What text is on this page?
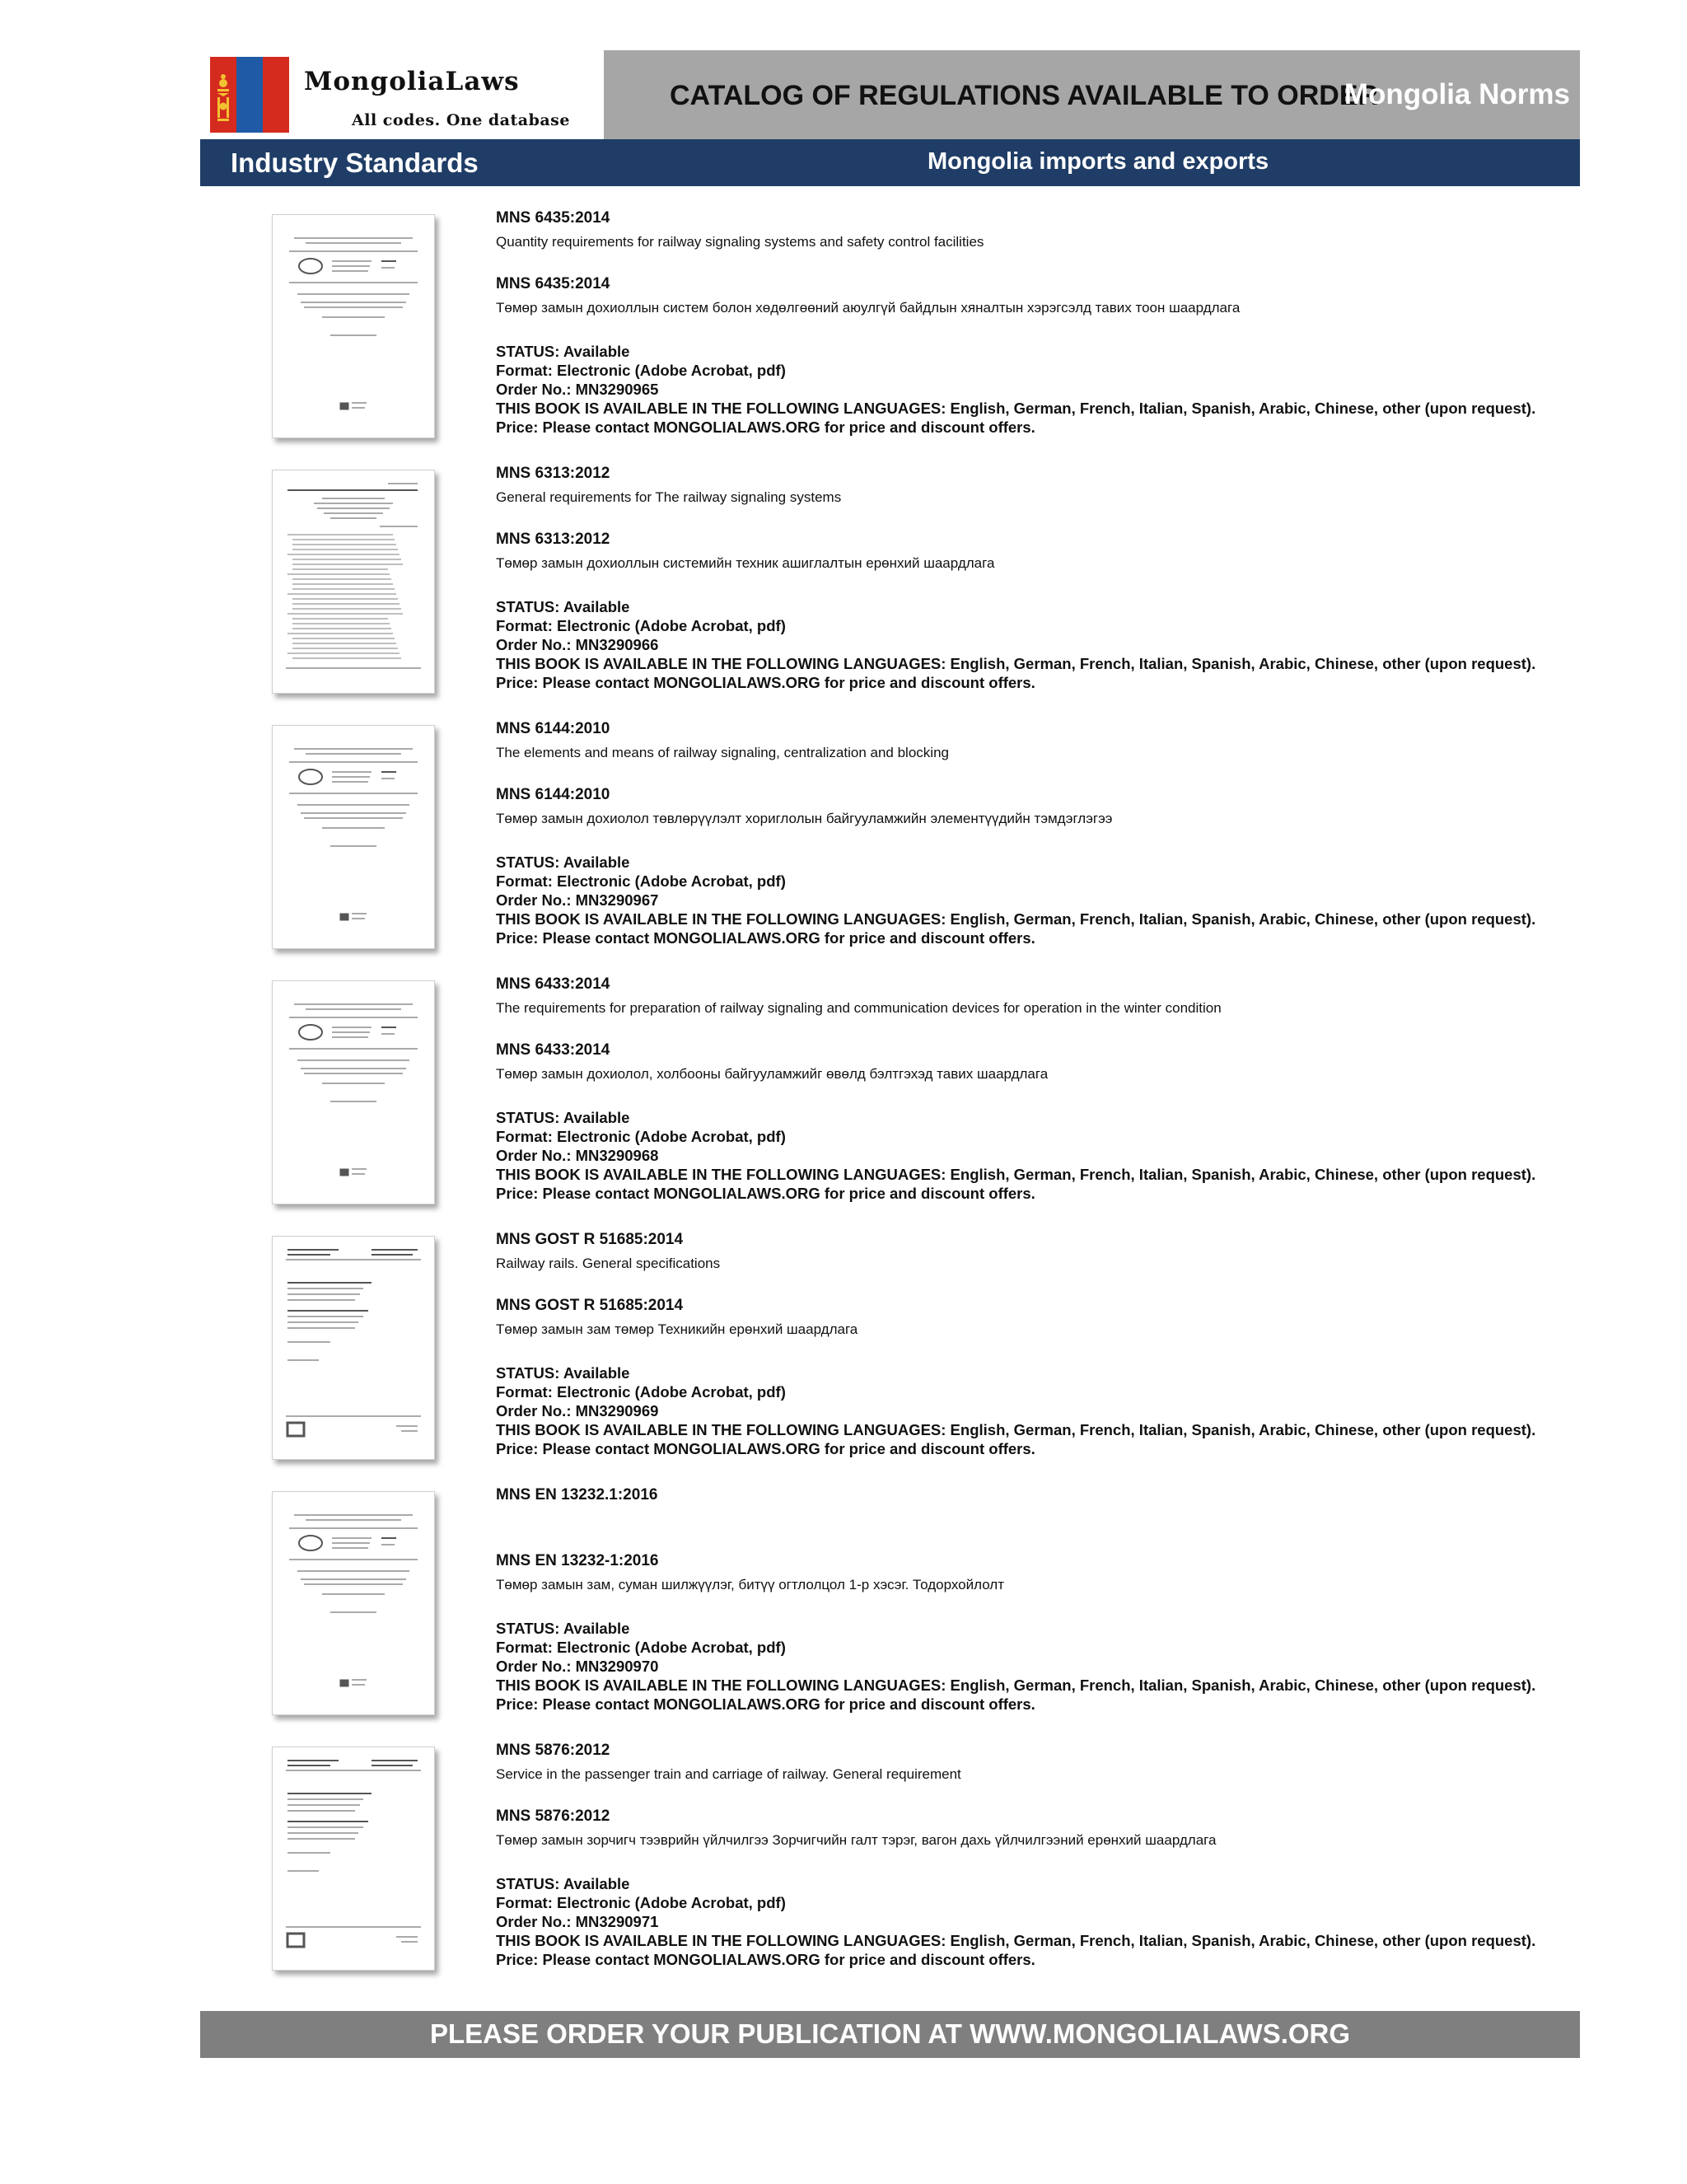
MongoliaLaws
All codes. One database
CATALOG OF REGULATIONS AVAILABLE TO ORDER
Mongolia Norms
Industry Standards	Mongolia imports and exports
MNS 6435:2014
Quantity requirements for railway signaling systems and safety control facilities
MNS 6435:2014
Төмөр замын дохиоллын систем болон хөдөлгөөний аюулгүй байдлын хяналтын хэрэгсэлд тавих тоон шаардлага
STATUS: Available
Format: Electronic (Adobe Acrobat, pdf)
Order No.: MN3290965
THIS BOOK IS AVAILABLE IN THE FOLLOWING LANGUAGES: English, German, French, Italian, Spanish, Arabic, Chinese, other (upon request).
Price: Please contact MONGOLIALAWS.ORG for price and discount offers.
MNS 6313:2012
General requirements for The railway signaling systems
MNS 6313:2012
Төмөр замын дохиоллын системийн техник ашиглалтын ерөнхий шаардлага
STATUS: Available
Format: Electronic (Adobe Acrobat, pdf)
Order No.: MN3290966
THIS BOOK IS AVAILABLE IN THE FOLLOWING LANGUAGES: English, German, French, Italian, Spanish, Arabic, Chinese, other (upon request).
Price: Please contact MONGOLIALAWS.ORG for price and discount offers.
MNS 6144:2010
The elements and means of railway signaling, centralization and blocking
MNS 6144:2010
Төмөр замын дохиолол төвлөрүүлэлт хориглолын байгууламжийн элементүүдийн тэмдэглэгээ
STATUS: Available
Format: Electronic (Adobe Acrobat, pdf)
Order No.: MN3290967
THIS BOOK IS AVAILABLE IN THE FOLLOWING LANGUAGES: English, German, French, Italian, Spanish, Arabic, Chinese, other (upon request).
Price: Please contact MONGOLIALAWS.ORG for price and discount offers.
MNS 6433:2014
The requirements for preparation of railway signaling and communication devices for operation in the winter condition
MNS 6433:2014
Төмөр замын дохиолол, холбооны байгууламжийг өвөлд бэлтгэхэд тавих шаардлага
STATUS: Available
Format: Electronic (Adobe Acrobat, pdf)
Order No.: MN3290968
THIS BOOK IS AVAILABLE IN THE FOLLOWING LANGUAGES: English, German, French, Italian, Spanish, Arabic, Chinese, other (upon request).
Price: Please contact MONGOLIALAWS.ORG for price and discount offers.
MNS GOST R 51685:2014
Railway rails. General specifications
MNS GOST R 51685:2014
Төмөр замын зам төмөр Техникийн ерөнхий шаардлага
STATUS: Available
Format: Electronic (Adobe Acrobat, pdf)
Order No.: MN3290969
THIS BOOK IS AVAILABLE IN THE FOLLOWING LANGUAGES: English, German, French, Italian, Spanish, Arabic, Chinese, other (upon request).
Price: Please contact MONGOLIALAWS.ORG for price and discount offers.
MNS EN 13232.1:2016
MNS EN 13232-1:2016
Төмөр замын зам, суман шилжүүлэг, битүү огтлолцол 1-р хэсэг. Тодорхойлолт
STATUS: Available
Format: Electronic (Adobe Acrobat, pdf)
Order No.: MN3290970
THIS BOOK IS AVAILABLE IN THE FOLLOWING LANGUAGES: English, German, French, Italian, Spanish, Arabic, Chinese, other (upon request).
Price: Please contact MONGOLIALAWS.ORG for price and discount offers.
MNS 5876:2012
Service in the passenger train and carriage of railway. General requirement
MNS 5876:2012
Төмөр замын зорчигч тээврийн үйлчилгээ Зорчигчийн галт тэрэг, вагон дахь үйлчилгээний ерөнхий шаардлага
STATUS: Available
Format: Electronic (Adobe Acrobat, pdf)
Order No.: MN3290971
THIS BOOK IS AVAILABLE IN THE FOLLOWING LANGUAGES: English, German, French, Italian, Spanish, Arabic, Chinese, other (upon request).
Price: Please contact MONGOLIALAWS.ORG for price and discount offers.
PLEASE ORDER YOUR PUBLICATION AT WWW.MONGOLIALAWS.ORG
